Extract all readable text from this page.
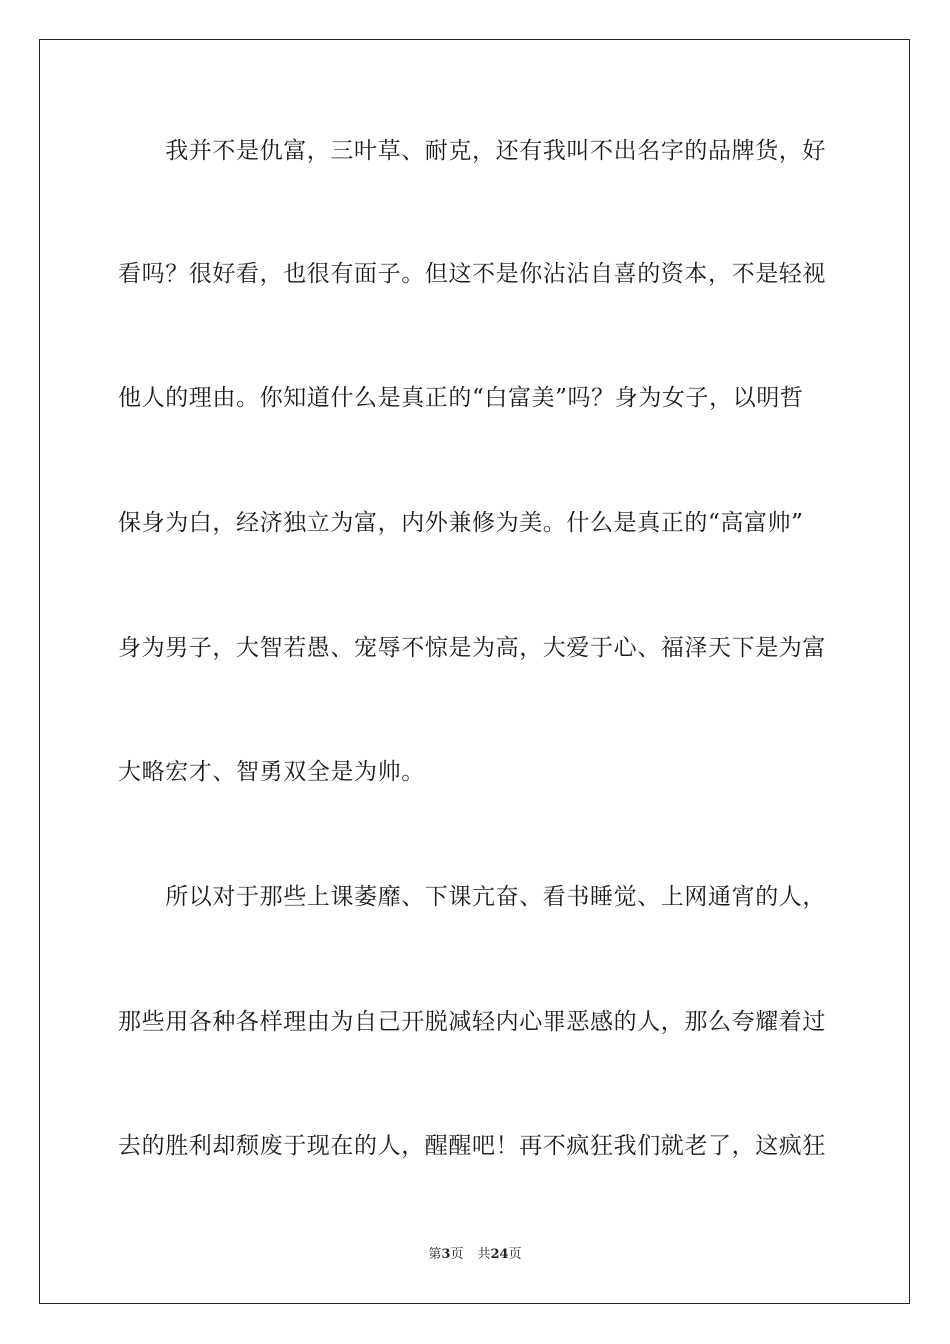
　　我并不是仇富，三叶草、耐克，还有我叫不出名字的品牌货，好
看吗？很好看，也很有面子。但这不是你沾沾自喜的资本，不是轻视
他人的理由。你知道什么是真正的“白富美”吗？身为女子，以明哲
保身为白，经济独立为富，内外兼修为美。什么是真正的“高富帅”
身为男子，大智若愚、宠辱不惊是为高，大爱于心、福泽天下是为富
大略宏才、智勇双全是为帅。
　　所以对于那些上课萎靡、下课亢奋、看书睡觉、上网通宵的人，
那些用各种各样理由为自己开脱减轻内心罪恶感的人，那么夸耀着过
去的胜利却颓废于现在的人，醒醒吧！再不疯狂我们就老了，这疯狂
第3页 共24页
